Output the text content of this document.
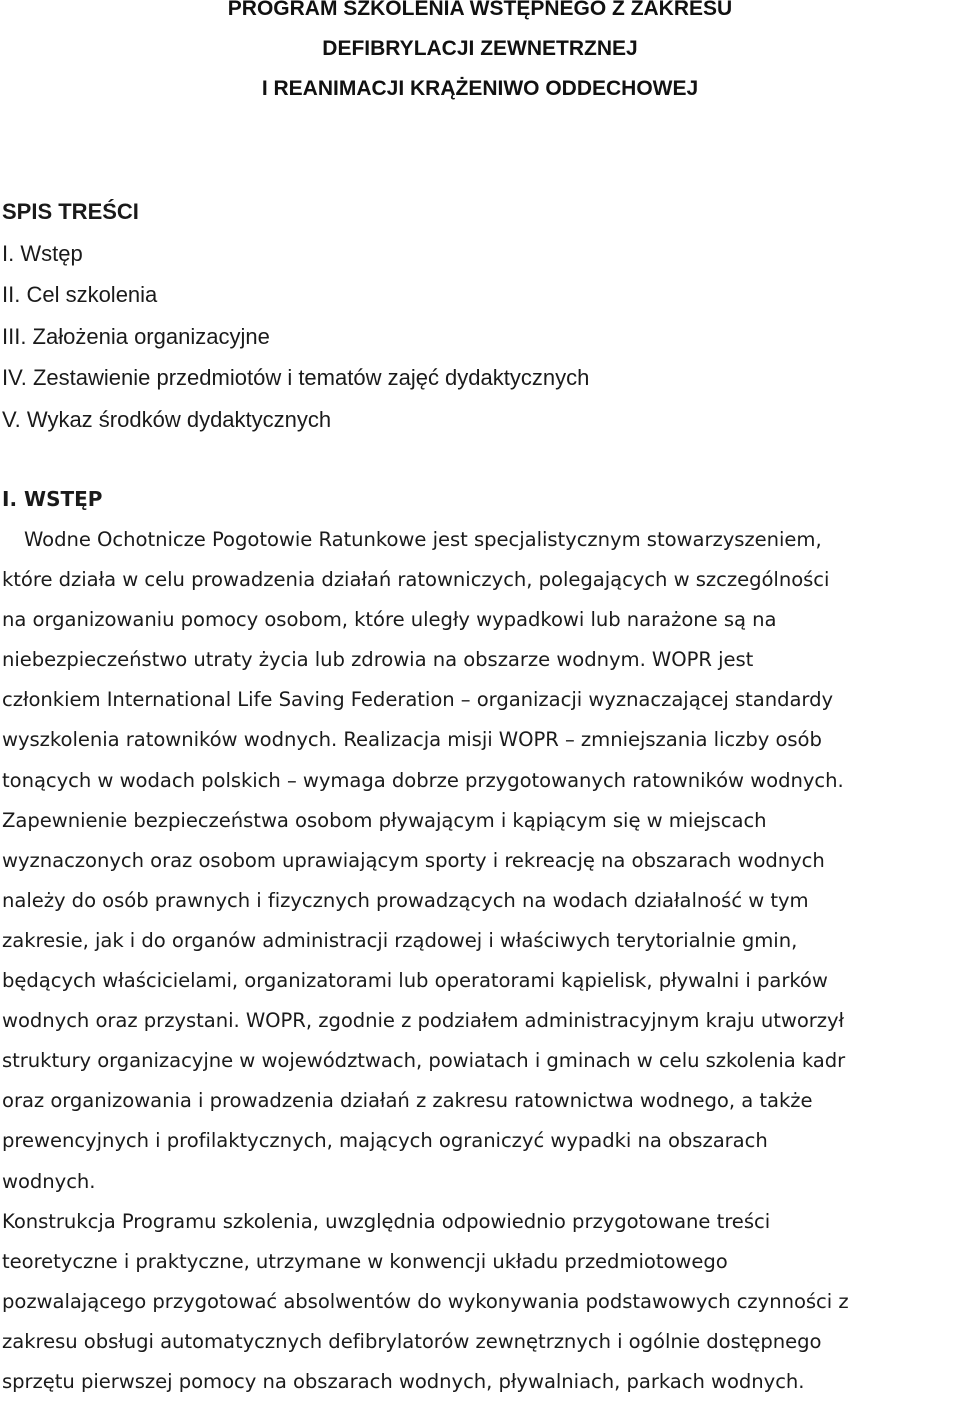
PROGRAM SZKOLENIA WSTĘPNEGO Z ZAKRESU
DEFIBRYLACJI ZEWNETRZNEJ
I REANIMACJI KRĄŻENIWO ODDECHOWEJ
SPIS TREŚCI
I. Wstęp
II. Cel szkolenia
III. Założenia organizacyjne
IV. Zestawienie przedmiotów i tematów zajęć dydaktycznych
V. Wykaz środków dydaktycznych
I. WSTĘP
Wodne Ochotnicze Pogotowie Ratunkowe jest specjalistycznym stowarzyszeniem,
które działa w celu prowadzenia działań ratowniczych, polegających w szczególności
na organizowaniu pomocy osobom, które uległy wypadkowi lub narażone są na
niebezpieczeństwo utraty życia lub zdrowia na obszarze wodnym. WOPR jest
członkiem International Life Saving Federation – organizacji wyznaczającej standardy
wyszkolenia ratowników wodnych. Realizacja misji WOPR – zmniejszania liczby osób
tonących w wodach polskich – wymaga dobrze przygotowanych ratowników wodnych.
Zapewnienie bezpieczeństwa osobom pływającym i kąpiącym się w miejscach
wyznaczonych oraz osobom uprawiającym sporty i rekreację na obszarach wodnych
należy do osób prawnych i fizycznych prowadzących na wodach działalność w tym
zakresie, jak i do organów administracji rządowej i właściwych terytorialnie gmin,
będących właścicielami, organizatorami lub operatorami kąpielisk, pływalni i parków
wodnych oraz przystani. WOPR, zgodnie z podziałem administracyjnym kraju utworzył
struktury organizacyjne w województwach, powiatach i gminach w celu szkolenia kadr
oraz organizowania i prowadzenia działań z zakresu ratownictwa wodnego, a także
prewencyjnych i profilaktycznych, mających ograniczyć wypadki na obszarach
wodnych.
Konstrukcja Programu szkolenia, uwzględnia odpowiednio przygotowane treści
teoretyczne i praktyczne, utrzymane w konwencji układu przedmiotowego
pozwalającego przygotować absolwentów do wykonywania podstawowych czynności z
zakresu obsługi automatycznych defibrylatorów zewnętrznych i ogólnie dostępnego
sprzętu pierwszej pomocy na obszarach wodnych, pływalniach, parkach wodnych.
